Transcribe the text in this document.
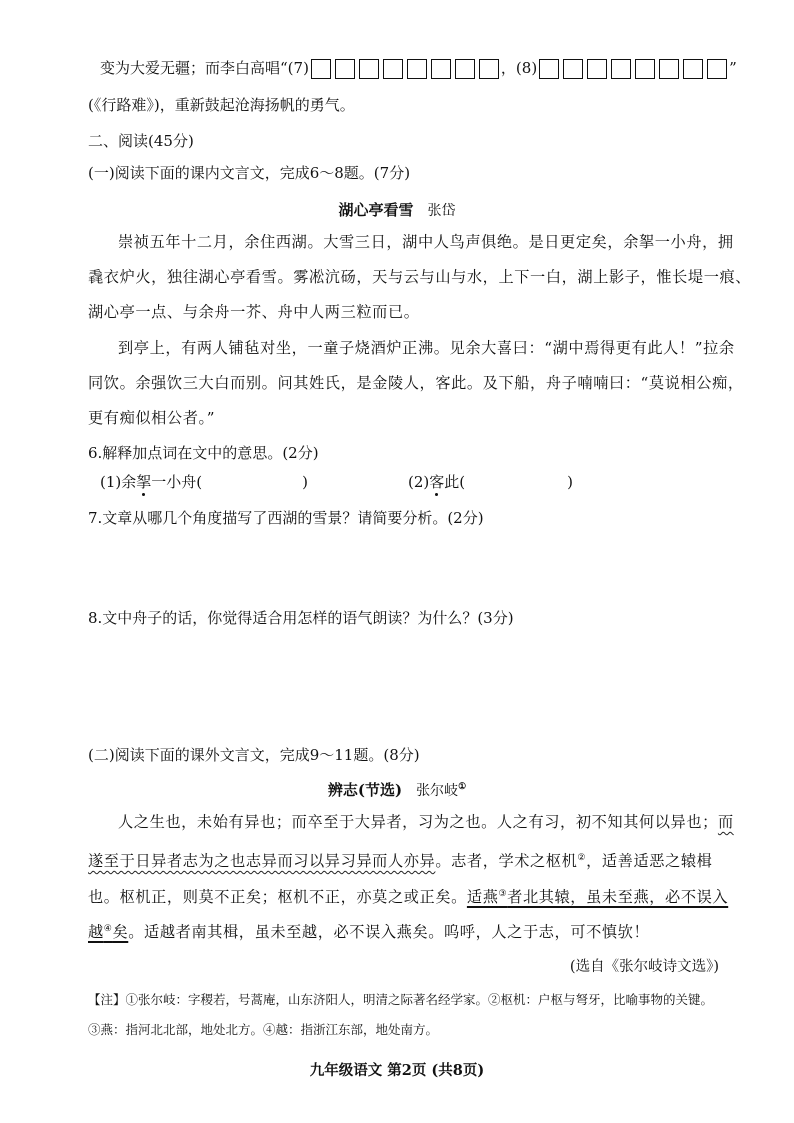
变为大爱无疆；而李白高唱“(7)	，(8)	”
(《行路难》)，重新鼓起沧海扬帆的勇气。
二、阅读(45分)
(一)阅读下面的课内文言文，完成6～8题。(7分)
湖心亭看雪 张岱
崇祯五年十二月，余住西湖。大雪三日，湖中人鸟声俱绝。是日更定矣，余挐一小舟，拥
毳衣炉火，独往湖心亭看雪。雾凇沆砀，天与云与山与水，上下一白，湖上影子，惟长堤一痕、
湖心亭一点、与余舟一芥、舟中人两三粒而已。
到亭上，有两人铺毡对坐，一童子烧酒炉正沸。见余大喜曰：“湖中焉得更有此人！”拉余
同饮。余强饮三大白而别。问其姓氏，是金陵人，客此。及下船，舟子喃喃曰：“莫说相公痴，
更有痴似相公者。”
6.解释加点词在文中的意思。(2分)
(1)余挐一小舟(	)	(2)客此(	)
7.文章从哪几个角度描写了西湖的雪景？请简要分析。(2分)
8.文中舟子的话，你觉得适合用怎样的语气朗读？为什么？(3分)
(二)阅读下面的课外文言文，完成9～11题。(8分)
辨志(节选) 张尔岐①
人之生也，未始有异也；而卒至于大异者，习为之也。人之有习，初不知其何以异也；而
遂至于日异者志为之也志异而习以异习异而人亦异。志者，学术之枢机②，适善适恶之辕楫
也。枢机正，则莫不正矣；枢机不正，亦莫之或正矣。适燕③者北其辕，虽未至燕，必不误入
越④矣。适越者南其楫，虽未至越，必不误入燕矣。呜呼，人之于志，可不慎欤！
(选自《张尔岐诗文选》)
【注】①张尔岐：字稷若，号蒿庵，山东济阳人，明清之际著名经学家。②枢机：户枢与弩牙，比喻事物的关键。
③燕：指河北北部，地处北方。④越：指浙江东部，地处南方。
九年级语文 第2页 (共8页)
